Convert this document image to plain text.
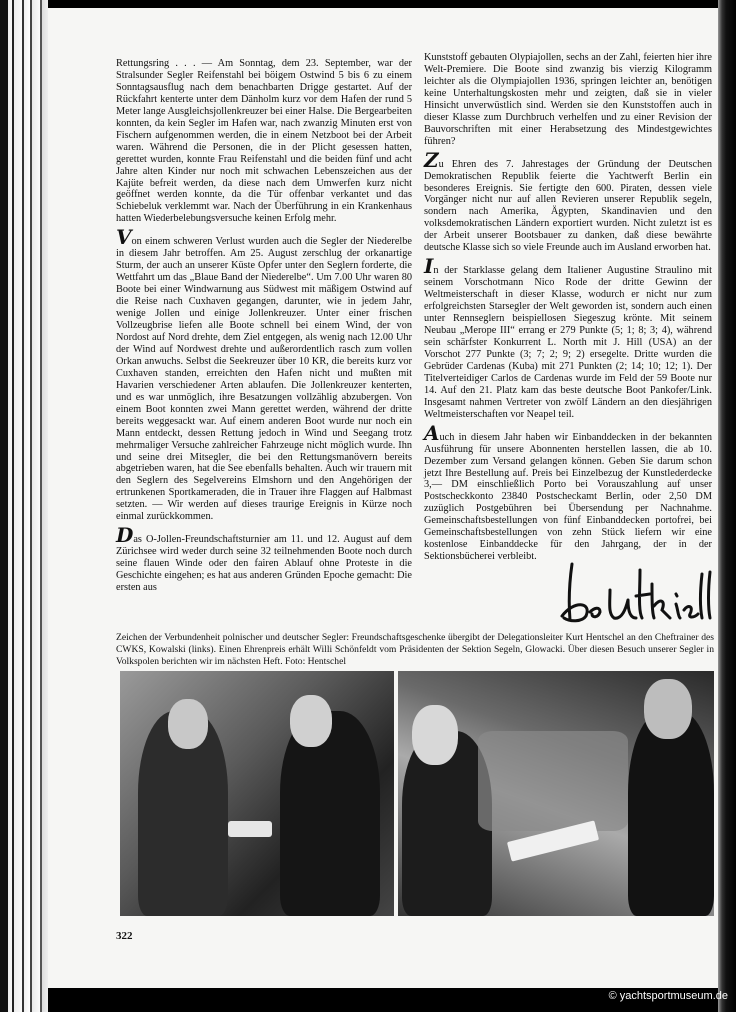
Rettungsring . . . — Am Sonntag, dem 23. September, war der Stralsunder Segler Reifenstahl bei böigem Ostwind 5 bis 6 zu einem Sonntagsausflug nach dem benachbarten Drigge gestartet. Auf der Rückfahrt kenterte unter dem Dänholm kurz vor dem Hafen der rund 5 Meter lange Ausgleichsjollenkreuzer bei einer Halse. Die Bergearbeiten konnten, da kein Segler im Hafen war, nach zwanzig Minuten erst von Fischern aufgenommen werden, die in einem Netzboot bei der Arbeit waren. Während die Personen, die in der Plicht gesessen hatten, gerettet wurden, konnte Frau Reifenstahl und die beiden fünf und acht Jahre alten Kinder nur noch mit schwachen Lebenszeichen aus der Kajüte befreit werden, da diese nach dem Umwerfen kurz nicht geöffnet werden konnte, da die Tür offenbar verkantet und das Schiebeluk verklemmt war. Nach der Überführung in ein Krankenhaus hatten Wiederbelebungsversuche keinen Erfolg mehr.

Von einem schweren Verlust wurden auch die Segler der Niederelbe in diesem Jahr betroffen. Am 25. August zerschlug der orkanartige Sturm, der auch an unserer Küste Opfer unter den Seglern forderte, die Wettfahrt um das „Blaue Band der Niederelbe“. Um 7.00 Uhr waren 80 Boote bei einer Windwarnung aus Südwest mit mäßigem Ostwind auf die Reise nach Cuxhaven gegangen, darunter, wie in jedem Jahr, wenige Jollen und einige Jollenkreuzer. Unter einer frischen Vollzeugbrise liefen alle Boote schnell bei einem Wind, der von Nordost auf Nord drehte, dem Ziel entgegen, als wenig nach 12.00 Uhr der Wind auf Nordwest drehte und außerordentlich rasch zum vollen Orkan anwuchs. Selbst die Seekreuzer über 10 KR, die bereits kurz vor Cuxhaven standen, erreichten den Hafen nicht und mußten mit Havarien verschiedener Arten ablaufen. Die Jollenkreuzer kenterten, und es war unmöglich, ihre Besatzungen vollzählig abzubergen. Von einem Boot konnten zwei Mann gerettet werden, während der dritte bereits weggesackt war. Auf einem anderen Boot wurde nur noch ein Mann entdeckt, dessen Rettung jedoch in Wind und Seegang trotz mehrmaliger Versuche zahlreicher Fahrzeuge nicht möglich wurde. Ihn und seine drei Mitsegler, die bei den Rettungsmanövern bereits abgetrieben waren, hat die See ebenfalls behalten. Auch wir trauern mit den Seglern des Segelvereins Elmshorn und den Angehörigen der ertrunkenen Sportkameraden, die in Trauer ihre Flaggen auf Halbmast setzten. — Wir werden auf dieses traurige Ereignis in Kürze noch einmal zurückkommen.

Das O-Jollen-Freundschaftsturnier am 11. und 12. August auf dem Zürichsee wird weder durch seine 32 teilnehmenden Boote noch durch seine flauen Winde oder den fairen Ablauf ohne Proteste in die Geschichte eingehen; es hat aus anderen Gründen Epoche gemacht: Die ersten aus

Kunststoff gebauten Olypiajollen, sechs an der Zahl, feierten hier ihre Welt-Premiere. Die Boote sind zwanzig bis vierzig Kilogramm leichter als die Olympiajollen 1936, springen leichter an, benötigen keine Unterhaltungskosten mehr und zeigten, daß sie in vieler Hinsicht unverwüstlich sind. Werden sie den Kunststoffen auch in dieser Klasse zum Durchbruch verhelfen und zu einer Revision der Bauvorschriften mit einer Herabsetzung des Mindestgewichtes führen?

Zu Ehren des 7. Jahrestages der Gründung der Deutschen Demokratischen Republik feierte die Yachtwerft Berlin ein besonderes Ereignis. Sie fertigte den 600. Piraten, dessen viele Vorgänger nicht nur auf allen Revieren unserer Republik segeln, sondern nach Amerika, Ägypten, Skandinavien und den volksdemokratischen Ländern exportiert wurden. Nicht zuletzt ist es der Arbeit unserer Bootsbauer zu danken, daß diese bewährte deutsche Klasse sich so viele Freunde auch im Ausland erworben hat.

In der Starklasse gelang dem Italiener Augustine Straulino mit seinem Vorschotmann Nico Rode der dritte Gewinn der Weltmeisterschaft in dieser Klasse, wodurch er nicht nur zum erfolgreichsten Starsegler der Welt geworden ist, sondern auch einen unter Rennseglern beispiellosen Siegeszug krönte. Mit seinem Neubau „Merope III“ errang er 279 Punkte (5; 1; 8; 3; 4), während sein schärfster Konkurrent L. North mit J. Hill (USA) an der Vorschot 277 Punkte (3; 7; 2; 9; 2) ersegelte. Dritte wurden die Gebrüder Cardenas (Kuba) mit 271 Punkten (2; 14; 10; 12; 1). Der Titelverteidiger Carlos de Cardenas wurde im Feld der 59 Boote nur 14. Auf den 21. Platz kam das beste deutsche Boot Pankofer/Link. Insgesamt nahmen Vertreter von zwölf Ländern an den diesjährigen Weltmeisterschaften vor Neapel teil.

Auch in diesem Jahr haben wir Einbanddecken in der bekannten Ausführung für unsere Abonnenten herstellen lassen, die ab 10. Dezember zum Versand gelangen können. Geben Sie darum schon jetzt Ihre Bestellung auf. Preis bei Einzelbezug der Kunstlederdecke 3,— DM einschließlich Porto bei Vorauszahlung auf unser Postscheckkonto 23840 Postscheckamt Berlin, oder 2,50 DM zuzüglich Postgebühren bei Übersendung per Nachnahme. Gemeinschaftsbestellungen von fünf Einbanddecken portofrei, bei Gemeinschaftsbestellungen von zehn Stück liefern wir eine kostenlose Einbanddecke für den Jahrgang, der in der Sektionsbücherei verbleibt.

Zeichen der Verbundenheit polnischer und deutscher Segler: Freundschaftsgeschenke übergibt der Delegationsleiter Kurt Hentschel an den Cheftrainer des CWKS, Kowalski (links). Einen Ehrenpreis erhält Willi Schönfeldt vom Präsidenten der Sektion Segeln, Glowacki. Über diesen Besuch unserer Segler in Volkspolen berichten wir im nächsten Heft. Foto: Hentschel
322
© yachtsportmuseum.de
